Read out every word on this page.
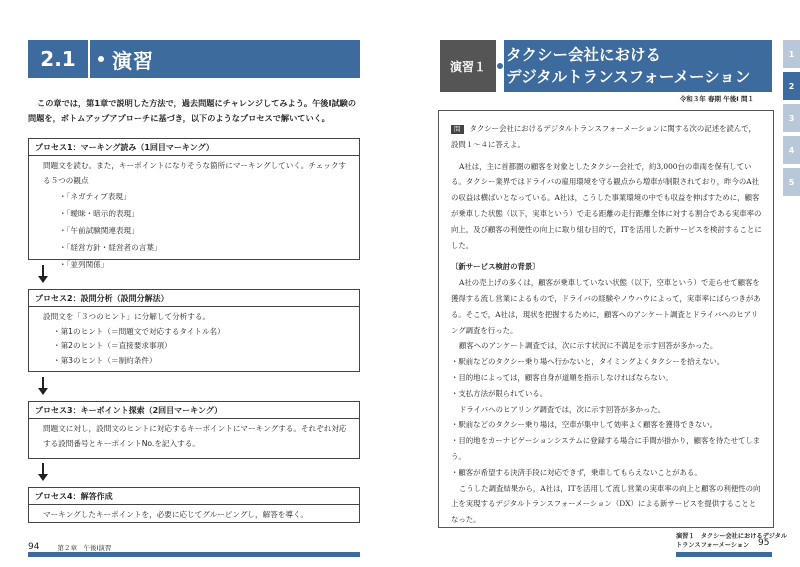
2.1	演習
この章では，第1章で説明した方法で，過去問題にチャレンジしてみよう。午後Ⅰ試験の問題を，ボトムアップアプローチに基づき，以下のようなプロセスで解いていく。
プロセス1：マーキング読み（1回目マーキング）
問題文を読む。また，キーポイントになりそうな箇所にマーキングしていく。チェックする５つの観点
・「ネガティブ表現」
・「曖昧・暗示的表現」
・「午前試験関連表現」
・「経営方針・経営者の言葉」
・「並列関係」
プロセス2：設問分析（設問分解法）
設問文を「３つのヒント」に分解して分析する。
・第1のヒント（＝問題文で対応するタイトル名）
・第2のヒント（＝直接要求事項）
・第3のヒント（＝制約条件）
プロセス3：キーポイント探索（2回目マーキング）
問題文に対し，設問文のヒントに対応するキーポイントにマーキングする。それぞれ対応する設問番号とキーポイントNo.を記入する。
プロセス4：解答作成
マーキングしたキーポイントを，必要に応じてグルーピングし，解答を導く。
94	第２章　午後Ⅰ演習
演習１
タクシー会社における
デジタルトランスフォーメーション
令和３年 春期 午後Ⅰ 問１
問 タクシー会社におけるデジタルトランスフォーメーションに関する次の記述を読んで，設問１～４に答えよ。
A社は，主に首都圏の顧客を対象としたタクシー会社で，約3,000台の車両を保有している。タクシー業界ではドライバの雇用環境を守る観点から増車が制限されており，昨今のA社の収益は横ばいとなっている。A社は，こうした事業環境の中でも収益を伸ばすために，顧客が乗車した状態（以下，実車という）で走る距離の走行距離全体に対する割合である実車率の向上，及び顧客の利便性の向上に取り組む目的で，ITを活用した新サービスを検討することにした。
〔新サービス検討の背景〕
A社の売上げの多くは，顧客が乗車していない状態（以下，空車という）で走らせて顧客を獲得する流し営業によるもので，ドライバの経験やノウハウによって，実車率にばらつきがある。そこで，A社は，現状を把握するために，顧客へのアンケート調査とドライバへのヒアリング調査を行った。
顧客へのアンケート調査では，次に示す状況に不満足を示す回答が多かった。
・駅前などのタクシー乗り場へ行かないと，タイミングよくタクシーを拾えない。
・目的地によっては，顧客自身が道順を指示しなければならない。
・支払方法が限られている。
ドライバへのヒアリング調査では，次に示す回答が多かった。
・駅前などのタクシー乗り場は，空車が集中して効率よく顧客を獲得できない。
・目的地をカーナビゲーションシステムに登録する場合に手間が掛かり，顧客を待たせてしまう。
・顧客が希望する決済手段に対応できず，乗車してもらえないことがある。
こうした調査結果から，A社は，ITを活用して流し営業の実車率の向上と顧客の利便性の向上を実現するデジタルトランスフォーメーション（DX）による新サービスを提供することとなった。
演習１　タクシー会社におけるデジタル
トランスフォーメーション 95
1
2
3
4
5
